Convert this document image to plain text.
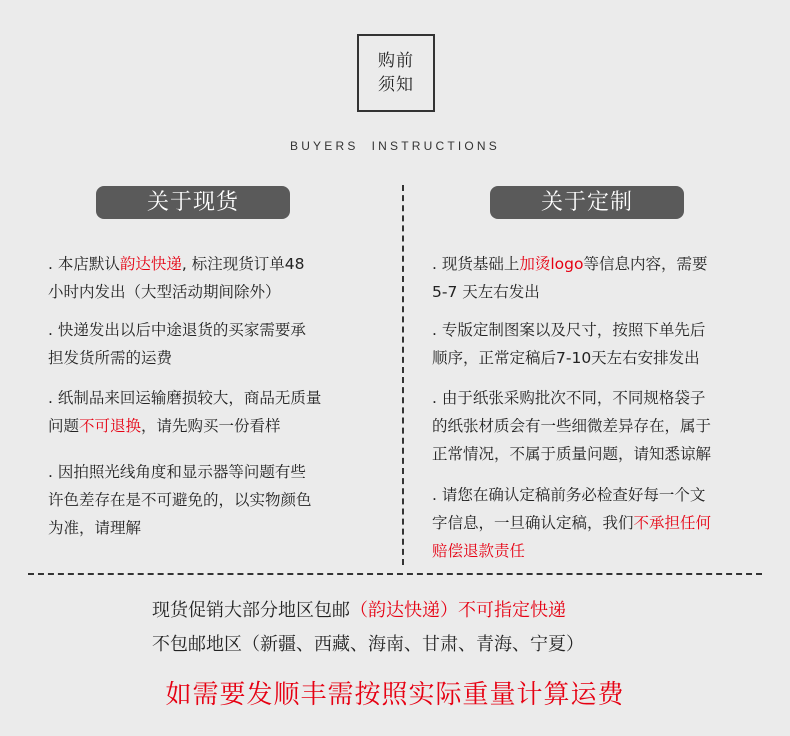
购前
须知
BUYERS  INSTRUCTIONS
关于现货	关于定制
. 本店默认韵达快递, 标注现货订单48
小时内发出（大型活动期间除外）
. 快递发出以后中途退货的买家需要承
担发货所需的运费
. 纸制品来回运输磨损较大，商品无质量
问题不可退换，请先购买一份看样
. 因拍照光线角度和显示器等问题有些
许色差存在是不可避免的，以实物颜色
为准，请理解
. 现货基础上加烫logo等信息内容，需要
5-7 天左右发出
. 专版定制图案以及尺寸，按照下单先后
顺序，正常定稿后7-10天左右安排发出
. 由于纸张采购批次不同，不同规格袋子
的纸张材质会有一些细微差异存在，属于
正常情况，不属于质量问题，请知悉谅解
. 请您在确认定稿前务必检查好每一个文
字信息，一旦确认定稿，我们不承担任何
赔偿退款责任
现货促销大部分地区包邮（韵达快递）不可指定快递
不包邮地区（新疆、西藏、海南、甘肃、青海、宁夏）
如需要发顺丰需按照实际重量计算运费
